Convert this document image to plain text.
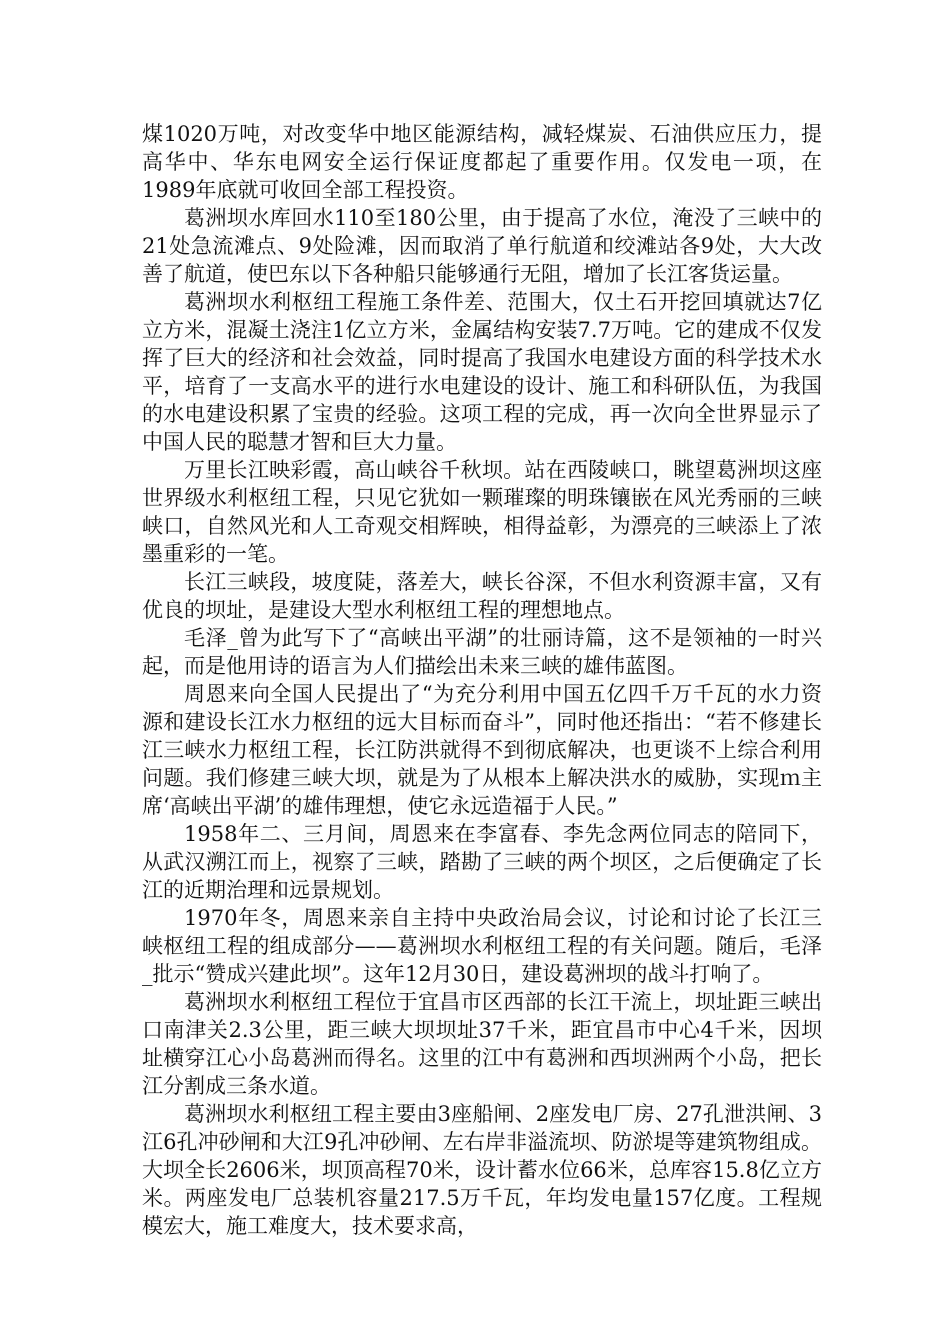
煤1020万吨，对改变华中地区能源结构，减轻煤炭、石油供应压力，提高华中、华东电网安全运行保证度都起了重要作用。仅发电一项，在1989年底就可收回全部工程投资。

葛洲坝水库回水110至180公里，由于提高了水位，淹没了三峡中的21处急流滩点、9处险滩，因而取消了单行航道和绞滩站各9处，大大改善了航道，使巴东以下各种船只能够通行无阻，增加了长江客货运量。

葛洲坝水利枢纽工程施工条件差、范围大，仅土石开挖回填就达7亿立方米，混凝土浇注1亿立方米，金属结构安装7.7万吨。它的建成不仅发挥了巨大的经济和社会效益，同时提高了我国水电建设方面的科学技术水平，培育了一支高水平的进行水电建设的设计、施工和科研队伍，为我国的水电建设积累了宝贵的经验。这项工程的完成，再一次向全世界显示了中国人民的聪慧才智和巨大力量。

万里长江映彩霞，高山峡谷千秋坝。站在西陵峡口，眺望葛洲坝这座世界级水利枢纽工程，只见它犹如一颗璀璨的明珠镶嵌在风光秀丽的三峡峡口，自然风光和人工奇观交相辉映，相得益彰，为漂亮的三峡添上了浓墨重彩的一笔。

长江三峡段，坡度陡，落差大，峡长谷深，不但水利资源丰富，又有优良的坝址，是建设大型水利枢纽工程的理想地点。

毛泽_曾为此写下了“高峡出平湖”的壮丽诗篇，这不是领袖的一时兴起，而是他用诗的语言为人们描绘出未来三峡的雄伟蓝图。

周恩来向全国人民提出了“为充分利用中国五亿四千万千瓦的水力资源和建设长江水力枢纽的远大目标而奋斗”，同时他还指出：“若不修建长江三峡水力枢纽工程，长江防洪就得不到彻底解决，也更谈不上综合利用问题。我们修建三峡大坝，就是为了从根本上解决洪水的威胁，实现ｍ主席‘高峡出平湖’的雄伟理想，使它永远造福于人民。”

1958年二、三月间，周恩来在李富春、李先念两位同志的陪同下，从武汉溯江而上，视察了三峡，踏勘了三峡的两个坝区，之后便确定了长江的近期治理和远景规划。

1970年冬，周恩来亲自主持中央政治局会议，讨论和讨论了长江三峡枢纽工程的组成部分——葛洲坝水利枢纽工程的有关问题。随后，毛泽_批示“赞成兴建此坝”。这年12月30日，建设葛洲坝的战斗打响了。

葛洲坝水利枢纽工程位于宜昌市区西部的长江干流上，坝址距三峡出口南津关2.3公里，距三峡大坝坝址37千米，距宜昌市中心4千米，因坝址横穿江心小岛葛洲而得名。这里的江中有葛洲和西坝洲两个小岛，把长江分割成三条水道。

葛洲坝水利枢纽工程主要由3座船闸、2座发电厂房、27孔泄洪闸、3江6孔冲砂闸和大江9孔冲砂闸、左右岸非溢流坝、防淤堤等建筑物组成。大坝全长2606米，坝顶高程70米，设计蓄水位66米，总库容15.8亿立方米。两座发电厂总装机容量217.5万千瓦，年均发电量157亿度。工程规模宏大，施工难度大，技术要求高，
